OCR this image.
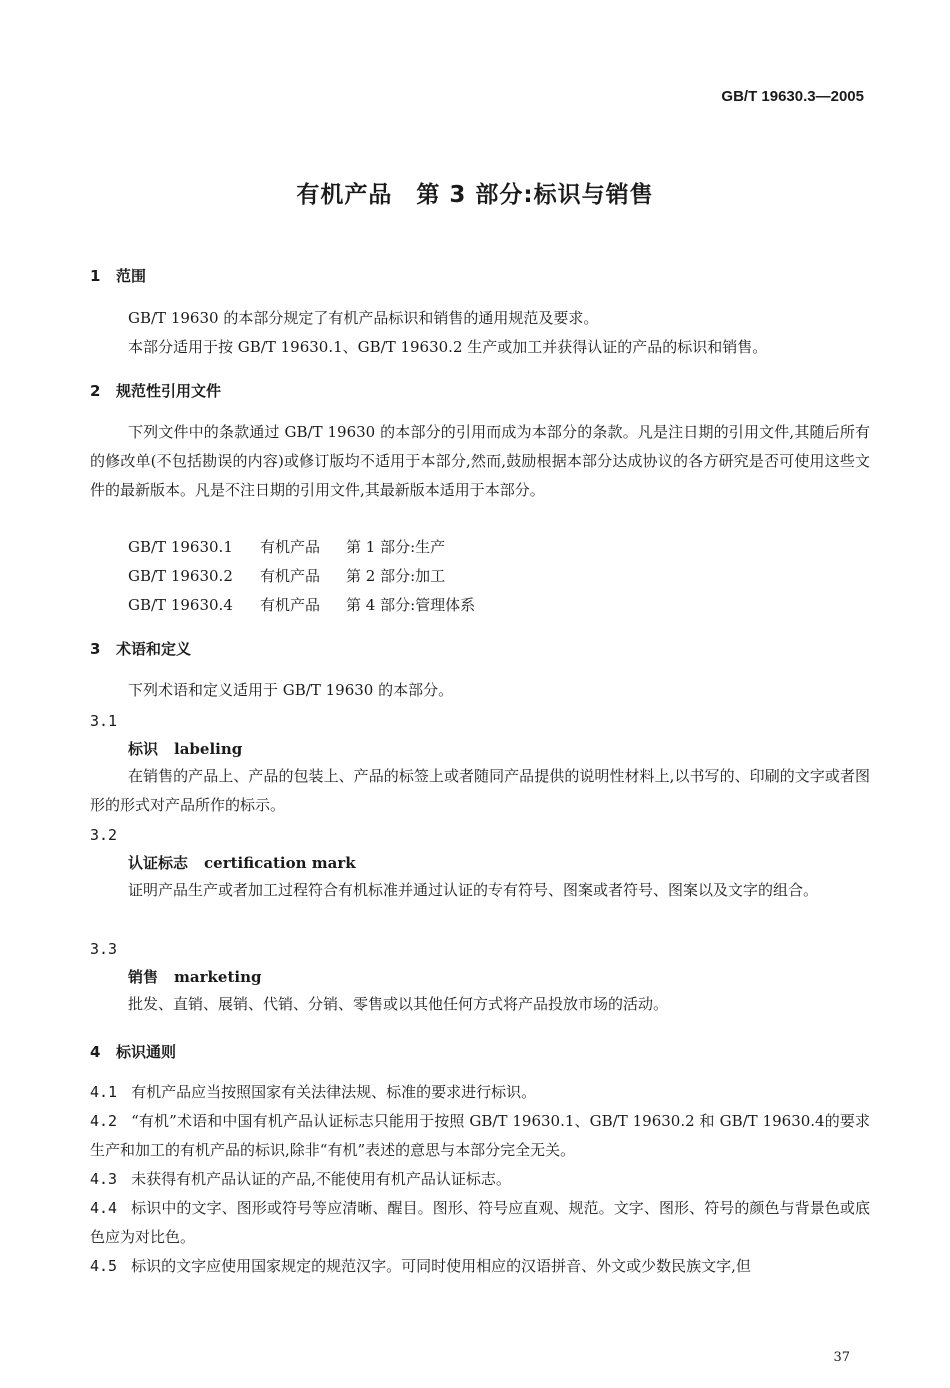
GB/T 19630.3—2005
有机产品　第 3 部分:标识与销售
1 范围
GB/T 19630 的本部分规定了有机产品标识和销售的通用规范及要求。
本部分适用于按 GB/T 19630.1、GB/T 19630.2 生产或加工并获得认证的产品的标识和销售。
2 规范性引用文件
下列文件中的条款通过 GB/T 19630 的本部分的引用而成为本部分的条款。凡是注日期的引用文件,其随后所有的修改单(不包括勘误的内容)或修订版均不适用于本部分,然而,鼓励根据本部分达成协议的各方研究是否可使用这些文件的最新版本。凡是不注日期的引用文件,其最新版本适用于本部分。
GB/T 19630.1 有机产品 第 1 部分:生产
GB/T 19630.2 有机产品 第 2 部分:加工
GB/T 19630.4 有机产品 第 4 部分:管理体系
3 术语和定义
下列术语和定义适用于 GB/T 19630 的本部分。
3.1
标识 labeling
在销售的产品上、产品的包装上、产品的标签上或者随同产品提供的说明性材料上,以书写的、印刷的文字或者图形的形式对产品所作的标示。
3.2
认证标志 certification mark
证明产品生产或者加工过程符合有机标准并通过认证的专有符号、图案或者符号、图案以及文字的组合。
3.3
销售 marketing
批发、直销、展销、代销、分销、零售或以其他任何方式将产品投放市场的活动。
4 标识通则
4.1 有机产品应当按照国家有关法律法规、标准的要求进行标识。
4.2 “有机”术语和中国有机产品认证标志只能用于按照 GB/T 19630.1、GB/T 19630.2 和 GB/T 19630.4的要求生产和加工的有机产品的标识,除非“有机”表述的意思与本部分完全无关。
4.3 未获得有机产品认证的产品,不能使用有机产品认证标志。
4.4 标识中的文字、图形或符号等应清晰、醒目。图形、符号应直观、规范。文字、图形、符号的颜色与背景色或底色应为对比色。
4.5 标识的文字应使用国家规定的规范汉字。可同时使用相应的汉语拼音、外文或少数民族文字,但
37
